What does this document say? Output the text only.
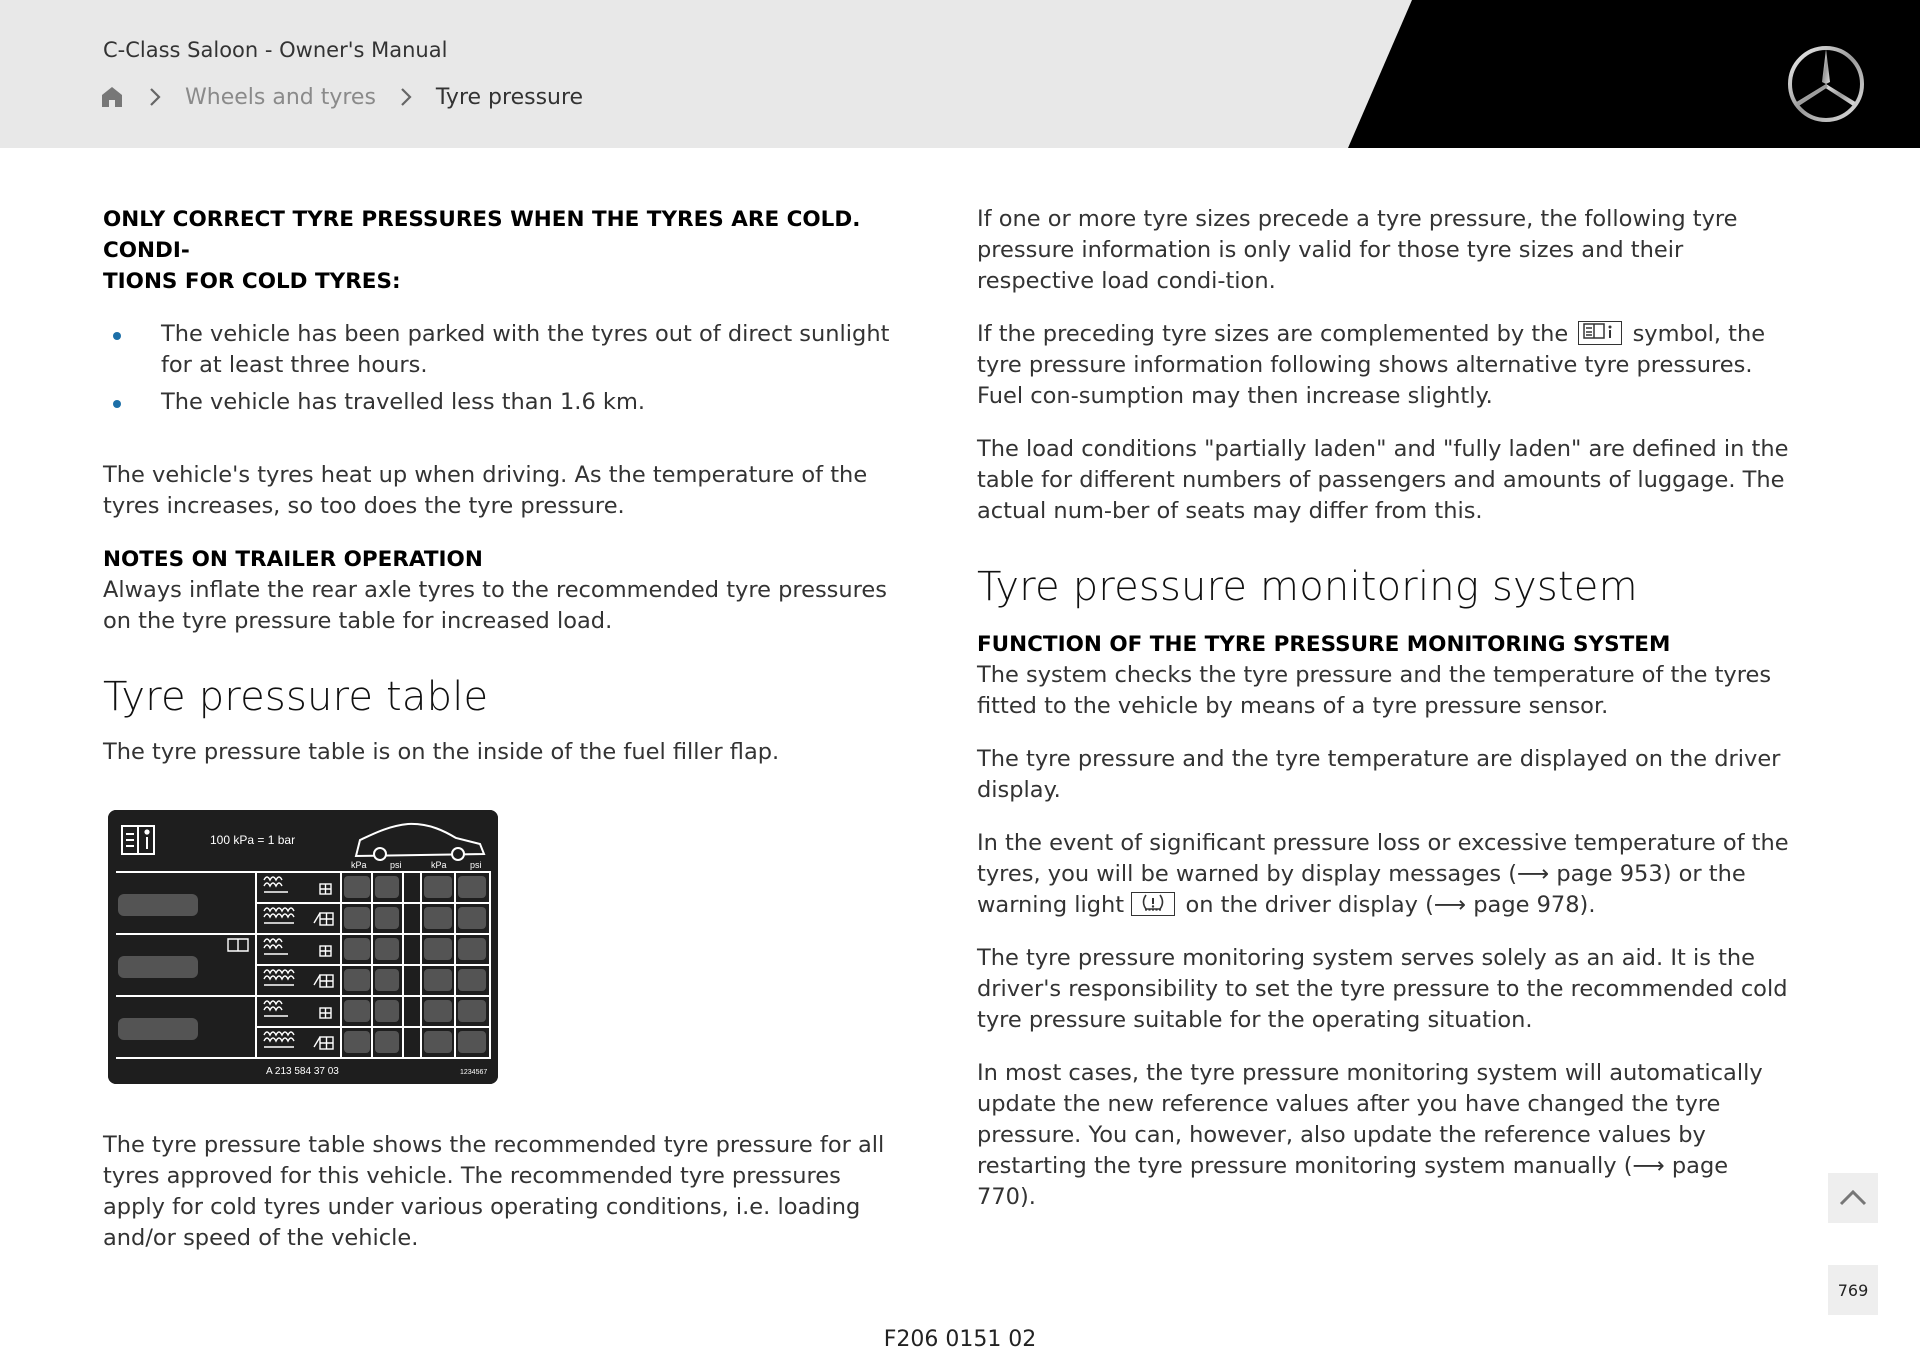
C-Class Saloon - Owner's Manual
Wheels and tyres	Tyre pressure
ONLY CORRECT TYRE PRESSURES WHEN THE TYRES ARE COLD. CONDI-
TIONS FOR COLD TYRES:
The vehicle has been parked with the tyres out of direct sunlight for at least three hours.
The vehicle has travelled less than 1.6 km.

The vehicle's tyres heat up when driving. As the temperature of the tyres increases, so too does the tyre pressure.

NOTES ON TRAILER OPERATION

Always inflate the rear axle tyres to the recommended tyre pressures on the tyre pressure table for increased load.

Tyre pressure table

The tyre pressure table is on the inside of the fuel filler flap.

100 kPa = 1 bar
kPa	psi	kPa	psi
A 213 584 37 03	1234567

The tyre pressure table shows the recommended tyre pressure for all tyres approved for this vehicle. The recommended tyre pressures apply for cold tyres under various operating conditions, i.e. loading and/or speed of the vehicle.

If one or more tyre sizes precede a tyre pressure, the following tyre pressure information is only valid for those tyre sizes and their respective load condi-tion.

If the preceding tyre sizes are complemented by the	symbol, the tyre pressure information following shows alternative tyre pressures. Fuel con-sumption may then increase slightly.

The load conditions "partially laden" and "fully laden" are defined in the table for different numbers of passengers and amounts of luggage. The actual num-ber of seats may differ from this.

Tyre pressure monitoring system
FUNCTION OF THE TYRE PRESSURE MONITORING SYSTEM

The system checks the tyre pressure and the temperature of the tyres fitted to the vehicle by means of a tyre pressure sensor.

The tyre pressure and the tyre temperature are displayed on the driver display.

In the event of significant pressure loss or excessive temperature of the tyres, you will be warned by display messages (⟶ page 953) or the warning light	on the driver display (⟶ page 978).

The tyre pressure monitoring system serves solely as an aid. It is the driver's responsibility to set the tyre pressure to the recommended cold tyre pressure suitable for the operating situation.

In most cases, the tyre pressure monitoring system will automatically update the new reference values after you have changed the tyre pressure. You can, however, also update the reference values by restarting the tyre pressure monitoring system manually (⟶ page 770).

769
F206 0151 02
